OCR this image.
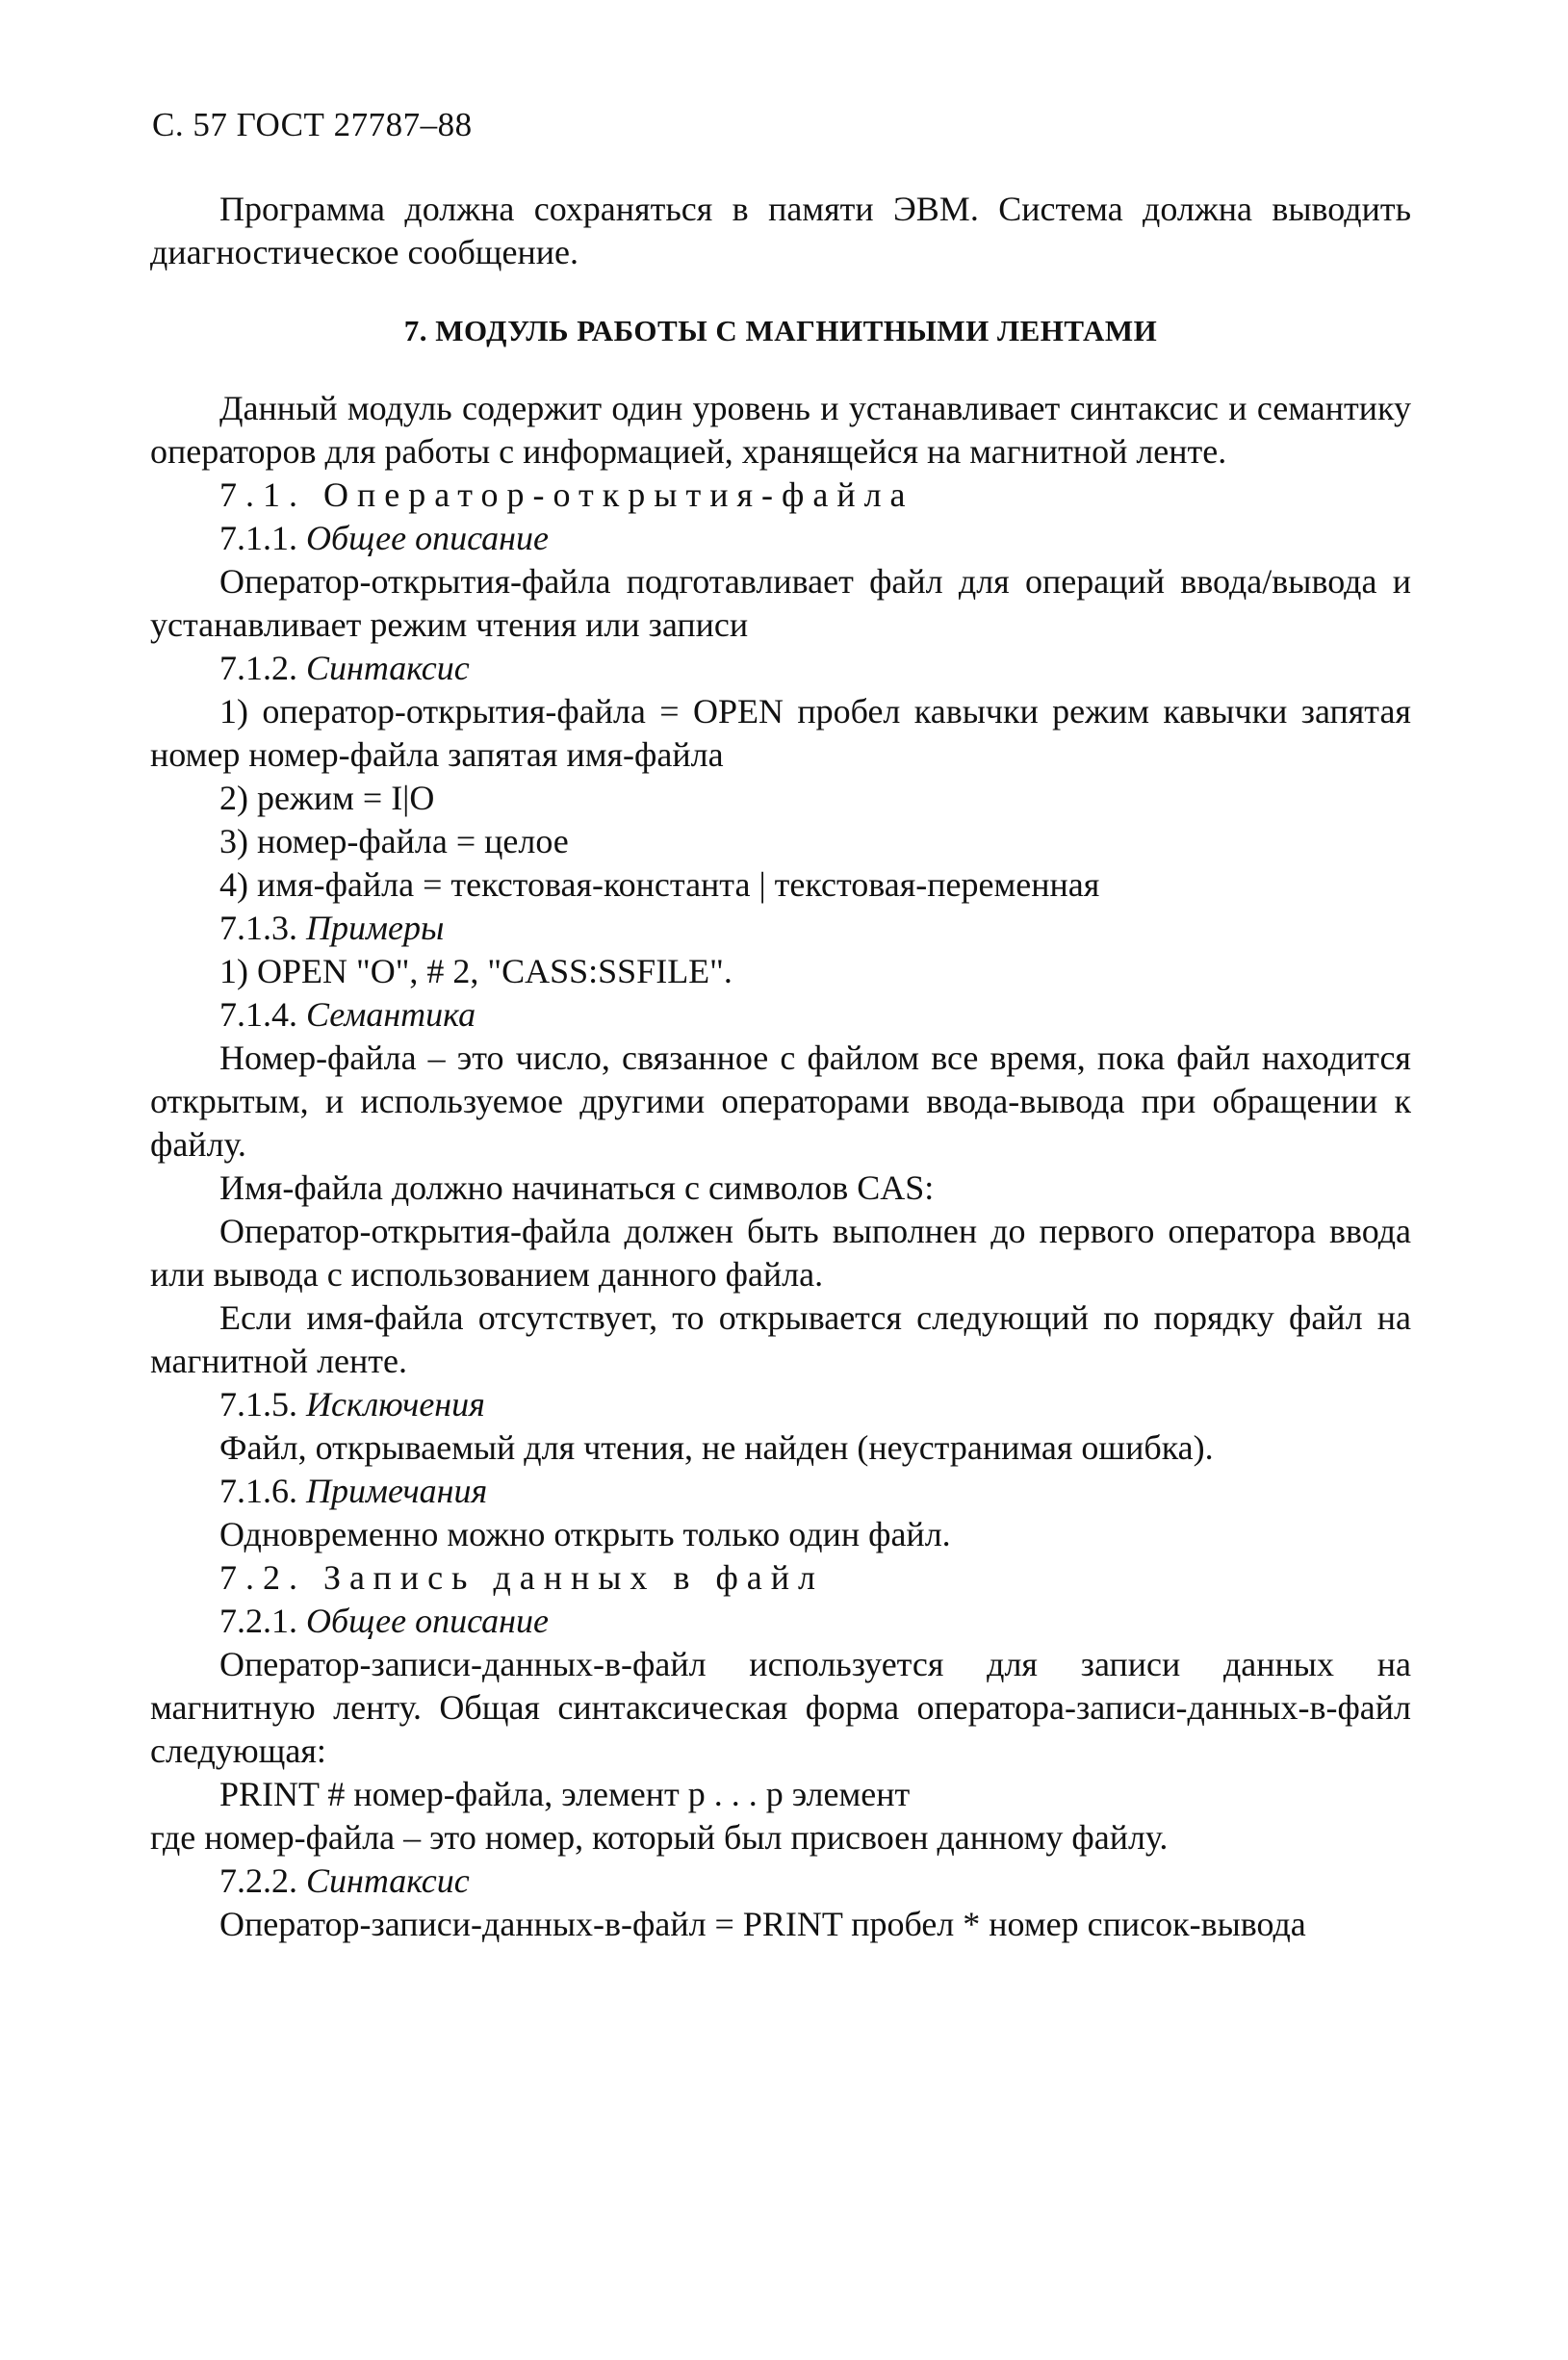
С. 57 ГОСТ 27787–88

Программа должна сохраняться в памяти ЭВМ. Система должна выводить диагностическое сообщение.

7. МОДУЛЬ РАБОТЫ С МАГНИТНЫМИ ЛЕНТАМИ

Данный модуль содержит один уровень и устанавливает синтаксис и семантику операторов для работы с информацией, хранящейся на магнитной ленте.

7.1. Оператор-открытия-файла
7.1.1. Общее описание

Оператор-открытия-файла подготавливает файл для операций ввода/вывода и устанавливает режим чтения или записи

7.1.2. Синтаксис

1) оператор-открытия-файла = OPEN пробел кавычки режим кавычки запятая номер номер-файла запятая имя-файла

2) режим = I|O
3) номер-файла = целое
4) имя-файла = текстовая-константа | текстовая-переменная
7.1.3. Примеры
1) OPEN "O", # 2, "CASS:SSFILE".
7.1.4. Семантика

Номер-файла – это число, связанное с файлом все время, пока файл находится открытым, и используемое другими операторами ввода-вывода при обращении к файлу.

Имя-файла должно начинаться с символов CAS:

Оператор-открытия-файла должен быть выполнен до первого оператора ввода или вывода с использованием данного файла.

Если имя-файла отсутствует, то открывается следующий по порядку файл на магнитной ленте.

7.1.5. Исключения

Файл, открываемый для чтения, не найден (неустранимая ошибка).

7.1.6. Примечания

Одновременно можно открыть только один файл.

7.2. Запись данных в файл
7.2.1. Общее описание

Оператор-записи-данных-в-файл используется для записи данных на магнитную ленту. Общая синтаксическая форма оператора-записи-данных-в-файл следующая:

PRINT # номер-файла, элемент р . . . р элемент

где номер-файла – это номер, который был присвоен данному файлу.

7.2.2. Синтаксис

Оператор-записи-данных-в-файл = PRINT пробел * номер список-вывода
